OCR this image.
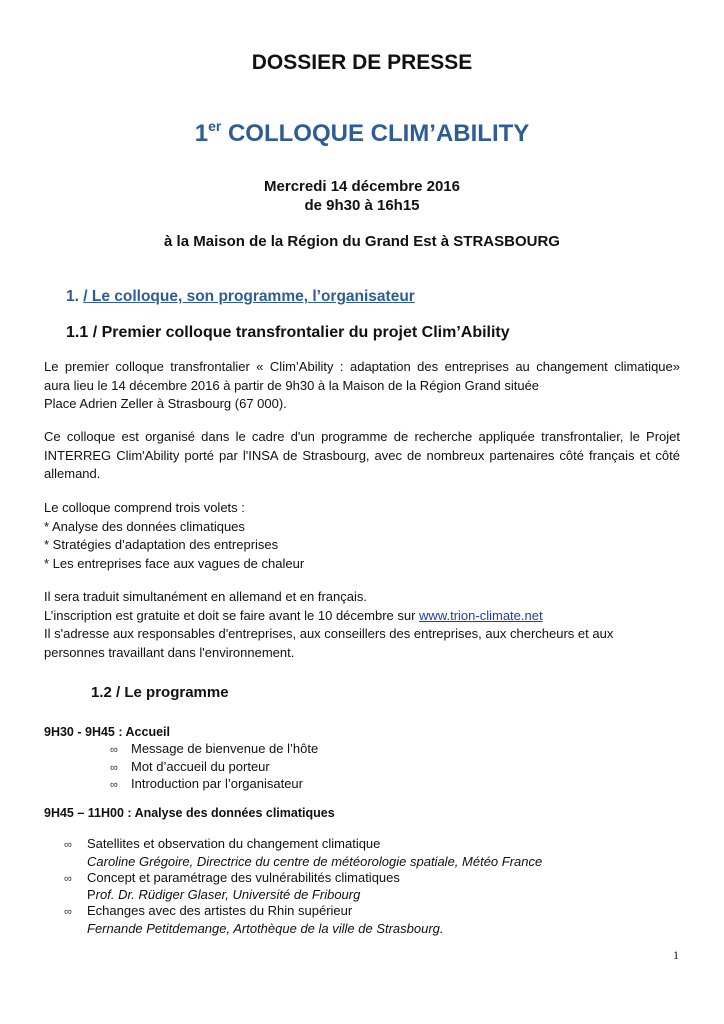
DOSSIER DE PRESSE
1er COLLOQUE CLIM’ABILITY
Mercredi 14 décembre 2016
de 9h30 à 16h15
à la Maison de la Région du Grand Est à STRASBOURG
1. / Le colloque, son programme, l’organisateur
1.1 / Premier colloque transfrontalier du projet Clim’Ability
Le premier colloque transfrontalier « Clim’Ability : adaptation des entreprises au changement climatique»
aura lieu le 14 décembre 2016 à partir de 9h30 à la Maison de la Région Grand située
Place Adrien Zeller à Strasbourg (67 000).
Ce colloque est organisé dans le cadre d'un programme de recherche appliquée transfrontalier, le Projet
INTERREG Clim'Ability porté par l'INSA de Strasbourg, avec de nombreux partenaires côté français et côté
allemand.
Le colloque comprend trois volets :
* Analyse des données climatiques
* Stratégies d’adaptation des entreprises
* Les entreprises face aux vagues de chaleur
Il sera traduit simultanément en allemand et en français.
L’inscription est gratuite et doit se faire avant le 10 décembre sur www.trion-climate.net
Il s'adresse aux responsables d'entreprises, aux conseillers des entreprises, aux chercheurs et aux
personnes travaillant dans l'environnement.
1.2 / Le programme
9H30 - 9H45 : Accueil
∞	Message de bienvenue de l’hôte
∞	Mot d’accueil du porteur
∞	Introduction par l’organisateur
9H45 – 11H00 : Analyse des données climatiques
∞	Satellites et observation du changement climatique
Caroline Grégoire, Directrice du centre de météorologie spatiale, Météo France
∞	Concept et paramétrage des vulnérabilités climatiques
Prof. Dr. Rüdiger Glaser, Université de Fribourg
∞	Echanges avec des artistes du Rhin supérieur
Fernande Petitdemange, Artothèque de la ville de Strasbourg.
1
